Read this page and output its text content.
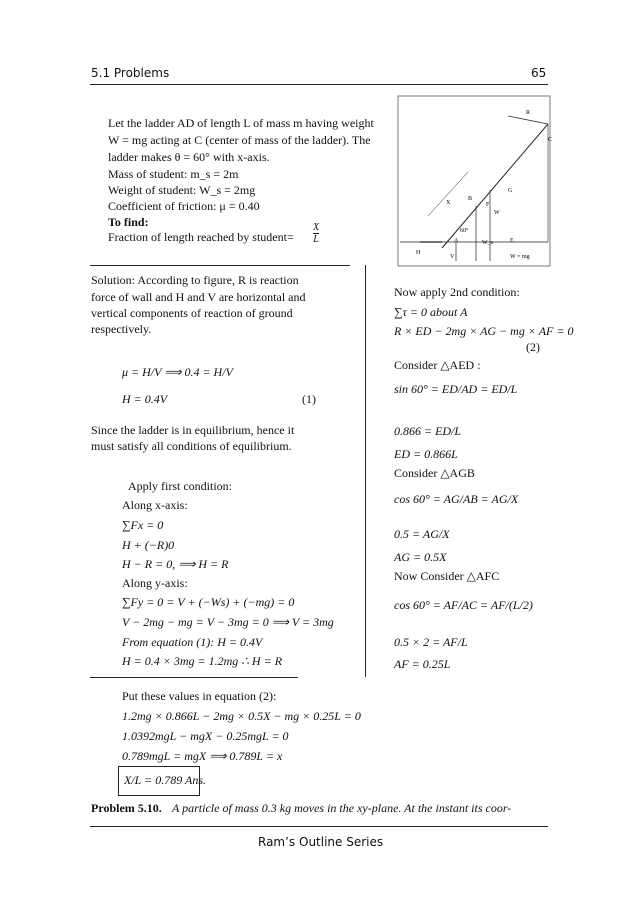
5.1 Problems	65
Let the ladder AD of length L of mass m having weight
W = mg acting at C (center of mass of the ladder). The
ladder makes θ = 60° with x-axis.
Mass of student: m_s = 2m
Weight of student: W_s = 2mg
Coefficient of friction: μ = 0.40
To find:
Fraction of length reached by student= $\frac{X}{L}$
R
C
G
F
X
B
W
60°
A	E
H
V	W = mg
W_s
Solution: According to figure, R is reaction
force of wall and H and V are horizontal and
vertical components of reaction of ground
respectively.
μ = H/V ⟹ 0.4 = H/V
H = 0.4V	(1)
Since the ladder is in equilibrium, hence it
must satisfy all conditions of equilibrium.
Apply first condition:
Along x-axis:
∑Fx = 0
H + (−R)0
H − R = 0, ⟹ H = R
Along y-axis:
∑Fy = 0 = V + (−Ws) + (−mg) = 0
V − 2mg − mg = V − 3mg = 0 ⟹ V = 3mg
From equation (1): H = 0.4V
H = 0.4 × 3mg = 1.2mg ∴ H = R
Now apply 2nd condition:
∑τ = 0 about A
R × ED − 2mg × AG − mg × AF = 0
(2)
Consider △AED :
sin 60° = ED/AD = ED/L
0.866 = ED/L
ED = 0.866L
Consider △AGB
cos 60° = AG/AB = AG/X
0.5 = AG/X
AG = 0.5X
Now Consider △AFC
cos 60° = AF/AC = AF/(L/2)
0.5 × 2 = AF/L
AF = 0.25L
Put these values in equation (2):
1.2mg × 0.866L − 2mg × 0.5X − mg × 0.25L = 0
1.0392mgL − mgX − 0.25mgL = 0
0.789mgL = mgX ⟹ 0.789L = x
X/L = 0.789 Ans.
Problem 5.10. A particle of mass 0.3 kg moves in the xy-plane. At the instant its coor-
Ram’s Outline Series
